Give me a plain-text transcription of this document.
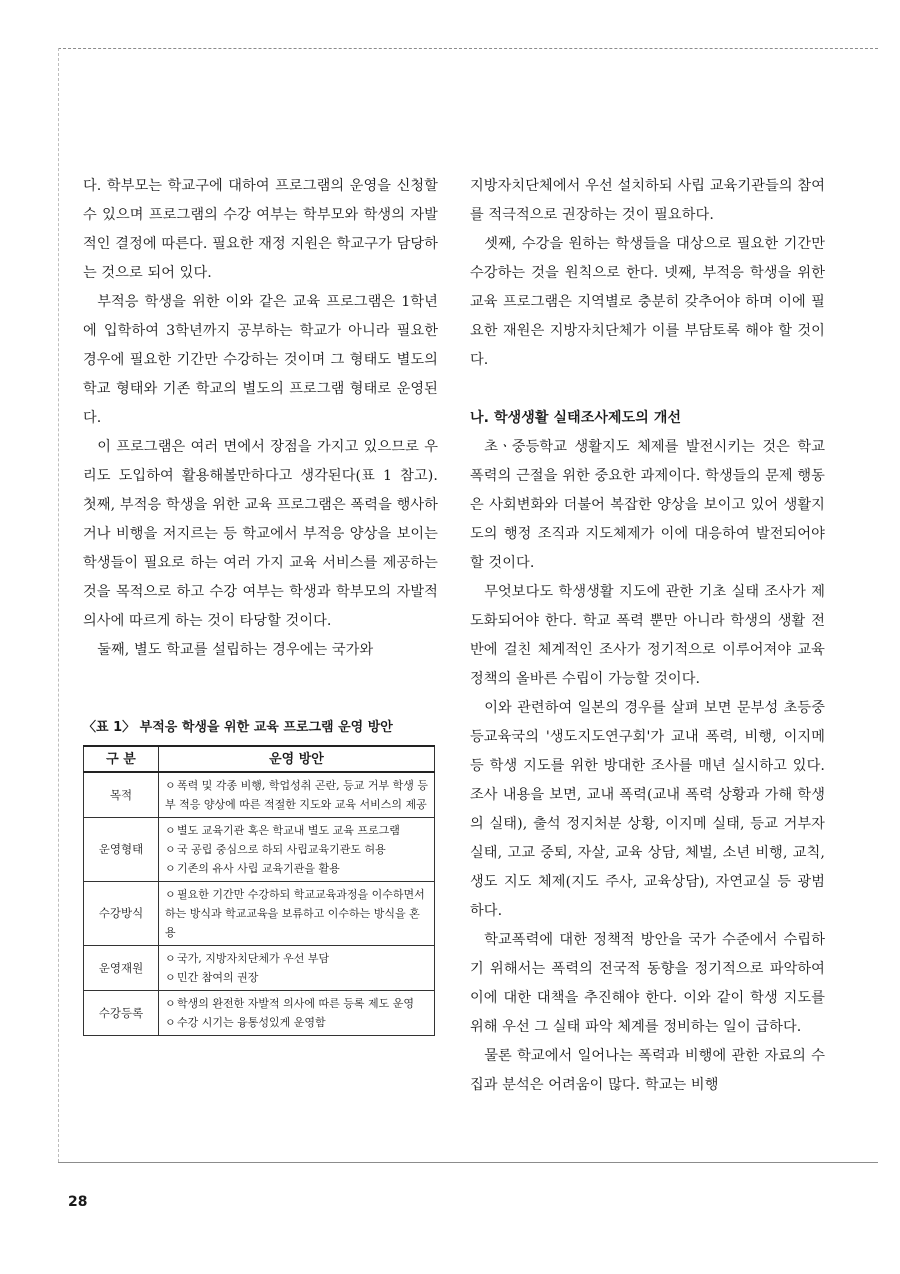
다. 학부모는 학교구에 대하여 프로그램의 운영을 신청할 수 있으며 프로그램의 수강 여부는 학부모와 학생의 자발적인 결정에 따른다. 필요한 재정 지원은 학교구가 담당하는 것으로 되어 있다.

부적응 학생을 위한 이와 같은 교육 프로그램은 1학년에 입학하여 3학년까지 공부하는 학교가 아니라 필요한 경우에 필요한 기간만 수강하는 것이며 그 형태도 별도의 학교 형태와 기존 학교의 별도의 프로그램 형태로 운영된다.

이 프로그램은 여러 면에서 장점을 가지고 있으므로 우리도 도입하여 활용해볼만하다고 생각된다(표 1 참고). 첫째, 부적응 학생을 위한 교육 프로그램은 폭력을 행사하거나 비행을 저지르는 등 학교에서 부적응 양상을 보이는 학생들이 필요로 하는 여러 가지 교육 서비스를 제공하는 것을 목적으로 하고 수강 여부는 학생과 학부모의 자발적 의사에 따르게 하는 것이 타당할 것이다.

둘째, 별도 학교를 설립하는 경우에는 국가와

〈표 1〉 부적응 학생을 위한 교육 프로그램 운영 방안

구 분	운영 방안
목적	ㅇ폭력 및 각종 비행, 학업성취 곤란, 등교 거부 학생 등 부 적응 양상에 따른 적절한 지도와 교육 서비스의 제공

운영형태	ㅇ별도 교육기관 혹은 학교내 별도 교육 프로그램
ㅇ국 공립 중심으로 하되 사립교육기관도 허용
ㅇ기존의 유사 사립 교육기관을 활용

수강방식	ㅇ필요한 기간만 수강하되 학교교육과정을 이수하면서 하는 방식과 학교교육을 보류하고 이수하는 방식을 혼용

운영재원	ㅇ국가, 지방자치단체가 우선 부담
ㅇ민간 참여의 권장

수강등록	ㅇ학생의 완전한 자발적 의사에 따른 등록 제도 운영
ㅇ수강 시기는 융통성있게 운영함

지방자치단체에서 우선 설치하되 사립 교육기관들의 참여를 적극적으로 권장하는 것이 필요하다.

셋째, 수강을 원하는 학생들을 대상으로 필요한 기간만 수강하는 것을 원칙으로 한다. 넷째, 부적응 학생을 위한 교육 프로그램은 지역별로 충분히 갖추어야 하며 이에 필요한 재원은 지방자치단체가 이를 부담토록 해야 할 것이다.

나. 학생생활 실태조사제도의 개선

초ㆍ중등학교 생활지도 체제를 발전시키는 것은 학교 폭력의 근절을 위한 중요한 과제이다. 학생들의 문제 행동은 사회변화와 더불어 복잡한 양상을 보이고 있어 생활지도의 행정 조직과 지도체제가 이에 대응하여 발전되어야 할 것이다.

무엇보다도 학생생활 지도에 관한 기초 실태 조사가 제도화되어야 한다. 학교 폭력 뿐만 아니라 학생의 생활 전반에 걸친 체계적인 조사가 정기적으로 이루어져야 교육정책의 올바른 수립이 가능할 것이다.

이와 관련하여 일본의 경우를 살펴 보면 문부성 초등중등교육국의 '생도지도연구회'가 교내 폭력, 비행, 이지메 등 학생 지도를 위한 방대한 조사를 매년 실시하고 있다. 조사 내용을 보면, 교내 폭력(교내 폭력 상황과 가해 학생의 실태), 출석 정지처분 상황, 이지메 실태, 등교 거부자 실태, 고교 중퇴, 자살, 교육 상담, 체벌, 소년 비행, 교칙, 생도 지도 체제(지도 주사, 교육상담), 자연교실 등 광범하다.

학교폭력에 대한 정책적 방안을 국가 수준에서 수립하기 위해서는 폭력의 전국적 동향을 정기적으로 파악하여 이에 대한 대책을 추진해야 한다. 이와 같이 학생 지도를 위해 우선 그 실태 파악 체계를 정비하는 일이 급하다.

물론 학교에서 일어나는 폭력과 비행에 관한 자료의 수집과 분석은 어려움이 많다. 학교는 비행

28
